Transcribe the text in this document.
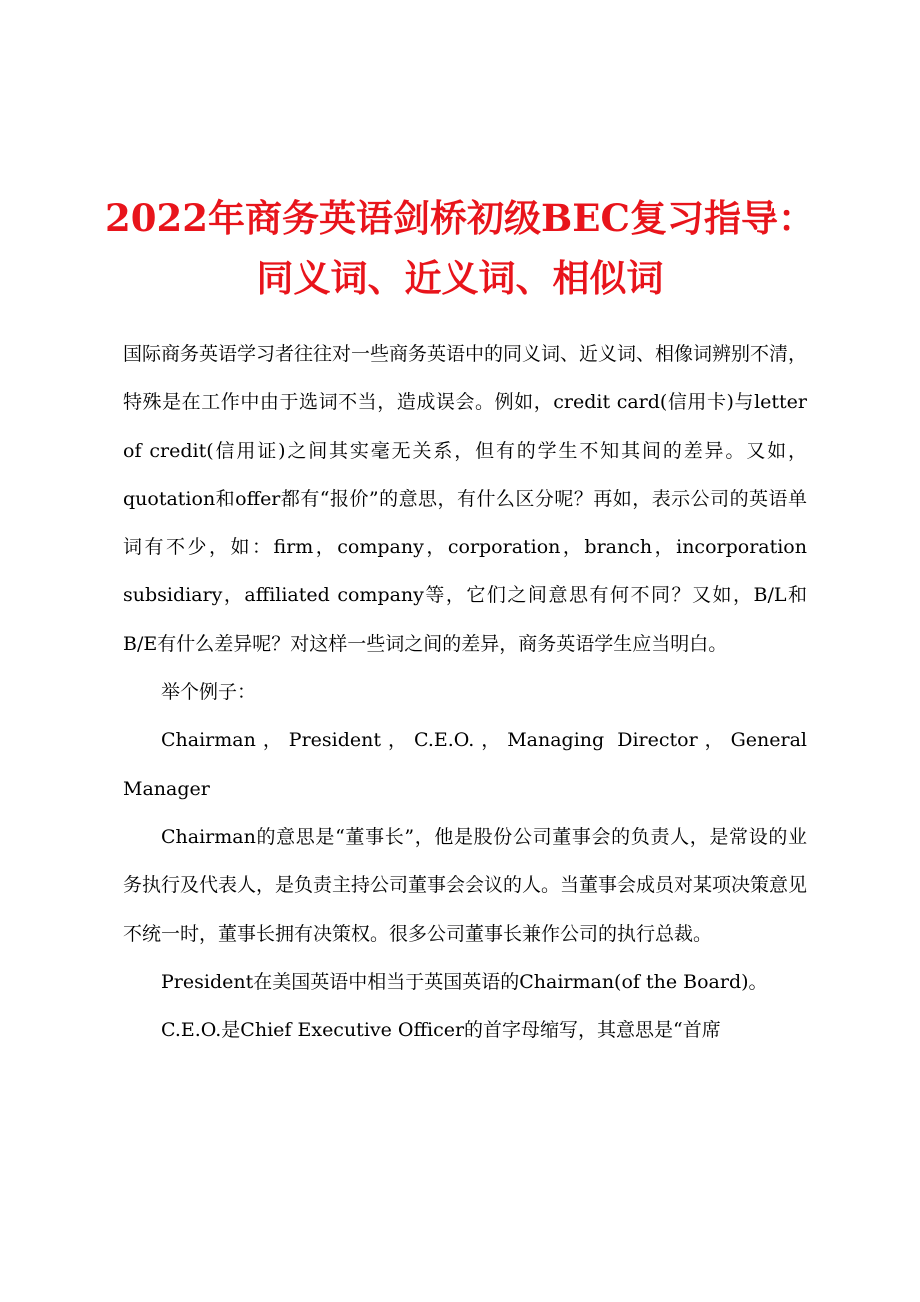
2022年商务英语剑桥初级BEC复习指导：同义词、近义词、相似词

国际商务英语学习者往往对一些商务英语中的同义词、近义词、相像词辨别不清，特殊是在工作中由于选词不当，造成误会。例如，credit card(信用卡)与letter of credit(信用证)之间其实毫无关系，但有的学生不知其间的差异。又如，quotation和offer都有“报价”的意思，有什么区分呢？再如，表示公司的英语单词有不少，如：firm，company，corporation，branch，incorporation subsidiary，affiliated company等，它们之间意思有何不同？又如，B/L和B/E有什么差异呢？对这样一些词之间的差异，商务英语学生应当明白。

举个例子：

Chairman，President，C.E.O.，Managing Director，General Manager

Chairman的意思是“董事长”，他是股份公司董事会的负责人，是常设的业务执行及代表人，是负责主持公司董事会会议的人。当董事会成员对某项决策意见不统一时，董事长拥有决策权。很多公司董事长兼作公司的执行总裁。

President在美国英语中相当于英国英语的Chairman(of the Board)。

C.E.O.是Chief Executive Officer的首字母缩写，其意思是“首席
